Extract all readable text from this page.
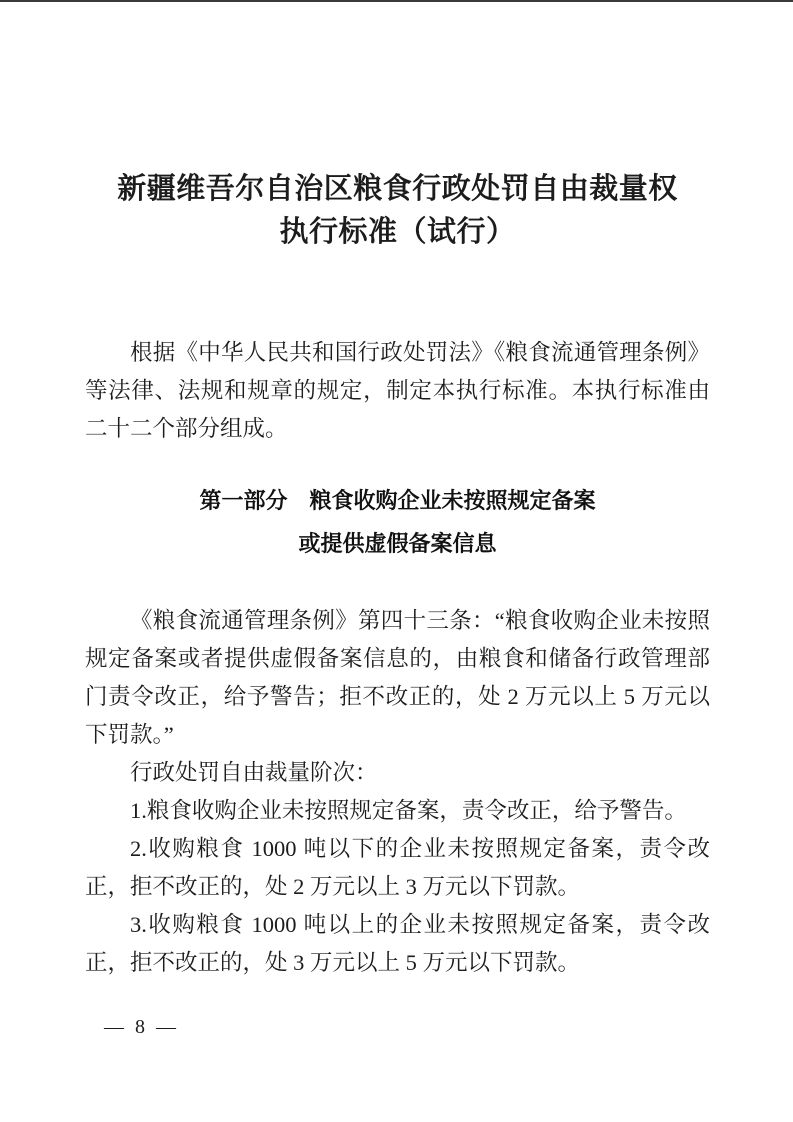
新疆维吾尔自治区粮食行政处罚自由裁量权
执行标准（试行）

根据《中华人民共和国行政处罚法》《粮食流通管理条例》等法律、法规和规章的规定，制定本执行标准。本执行标准由二十二个部分组成。

第一部分　粮食收购企业未按照规定备案
或提供虚假备案信息

《粮食流通管理条例》第四十三条：“粮食收购企业未按照规定备案或者提供虚假备案信息的，由粮食和储备行政管理部门责令改正，给予警告；拒不改正的，处 2 万元以上 5 万元以下罚款。”

行政处罚自由裁量阶次：

1.粮食收购企业未按照规定备案，责令改正，给予警告。

2.收购粮食 1000 吨以下的企业未按照规定备案，责令改正，拒不改正的，处 2 万元以上 3 万元以下罚款。

3.收购粮食 1000 吨以上的企业未按照规定备案，责令改正，拒不改正的，处 3 万元以上 5 万元以下罚款。

— 8 —
